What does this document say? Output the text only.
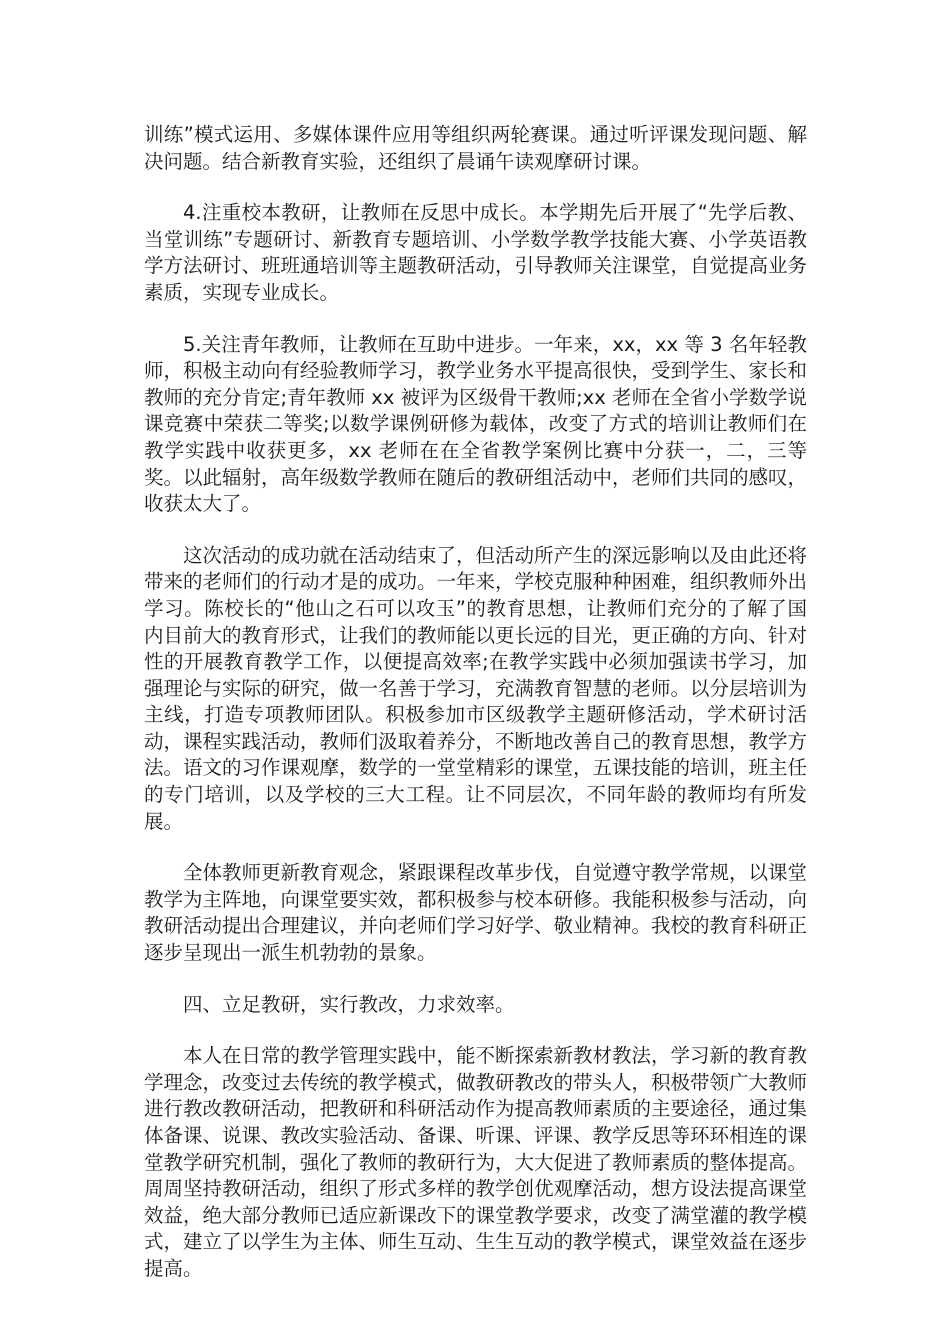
训练”模式运用、多媒体课件应用等组织两轮赛课。通过听评课发现问题、解决问题。结合新教育实验，还组织了晨诵午读观摩研讨课。

4.注重校本教研，让教师在反思中成长。本学期先后开展了“先学后教、当堂训练”专题研讨、新教育专题培训、小学数学教学技能大赛、小学英语教学方法研讨、班班通培训等主题教研活动，引导教师关注课堂，自觉提高业务素质，实现专业成长。

5.关注青年教师，让教师在互助中进步。一年来，xx，xx 等 3 名年轻教师，积极主动向有经验教师学习，教学业务水平提高很快，受到学生、家长和教师的充分肯定;青年教师 xx 被评为区级骨干教师;xx 老师在全省小学数学说课竞赛中荣获二等奖;以数学课例研修为载体，改变了方式的培训让教师们在教学实践中收获更多，xx 老师在在全省教学案例比赛中分获一，二，三等奖。以此辐射，高年级数学教师在随后的教研组活动中，老师们共同的感叹，收获太大了。

这次活动的成功就在活动结束了，但活动所产生的深远影响以及由此还将带来的老师们的行动才是的成功。一年来，学校克服种种困难，组织教师外出学习。陈校长的“他山之石可以攻玉”的教育思想，让教师们充分的了解了国内目前大的教育形式，让我们的教师能以更长远的目光，更正确的方向、针对性的开展教育教学工作，以便提高效率;在教学实践中必须加强读书学习，加强理论与实际的研究，做一名善于学习，充满教育智慧的老师。以分层培训为主线，打造专项教师团队。积极参加市区级教学主题研修活动，学术研讨活动，课程实践活动，教师们汲取着养分，不断地改善自己的教育思想，教学方法。语文的习作课观摩，数学的一堂堂精彩的课堂，五课技能的培训，班主任的专门培训，以及学校的三大工程。让不同层次，不同年龄的教师均有所发展。

全体教师更新教育观念，紧跟课程改革步伐，自觉遵守教学常规，以课堂教学为主阵地，向课堂要实效，都积极参与校本研修。我能积极参与活动，向教研活动提出合理建议，并向老师们学习好学、敬业精神。我校的教育科研正逐步呈现出一派生机勃勃的景象。

四、立足教研，实行教改，力求效率。

本人在日常的教学管理实践中，能不断探索新教材教法，学习新的教育教学理念，改变过去传统的教学模式，做教研教改的带头人，积极带领广大教师进行教改教研活动，把教研和科研活动作为提高教师素质的主要途径，通过集体备课、说课、教改实验活动、备课、听课、评课、教学反思等环环相连的课堂教学研究机制，强化了教师的教研行为，大大促进了教师素质的整体提高。周周坚持教研活动，组织了形式多样的教学创优观摩活动，想方设法提高课堂效益，绝大部分教师已适应新课改下的课堂教学要求，改变了满堂灌的教学模式，建立了以学生为主体、师生互动、生生互动的教学模式，课堂效益在逐步提高。
